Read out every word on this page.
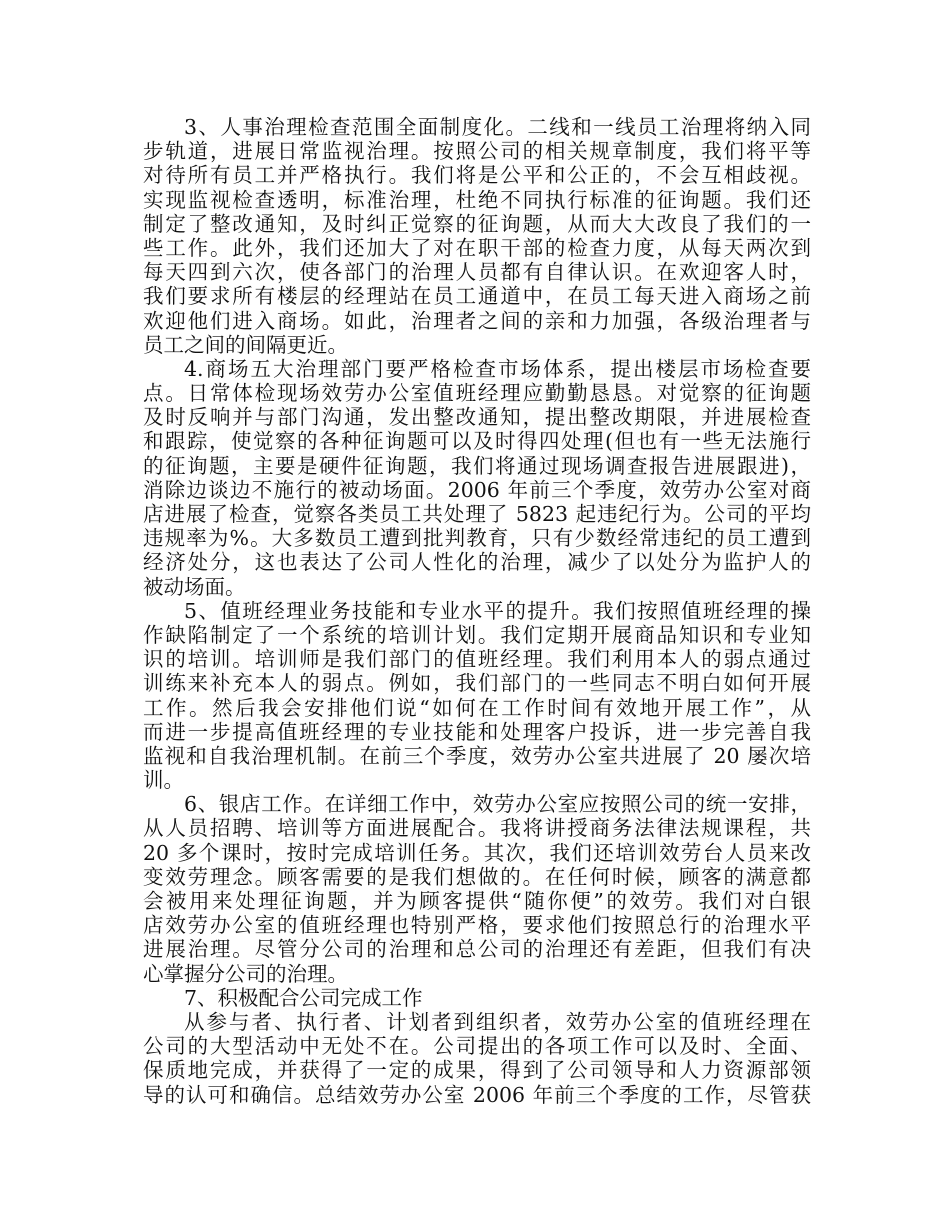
3、人事治理检查范围全面制度化。二线和一线员工治理将纳入同
步轨道，进展日常监视治理。按照公司的相关规章制度，我们将平等
对待所有员工并严格执行。我们将是公平和公正的，不会互相歧视。
实现监视检查透明，标准治理，杜绝不同执行标准的征询题。我们还
制定了整改通知，及时纠正觉察的征询题，从而大大改良了我们的一
些工作。此外，我们还加大了对在职干部的检查力度，从每天两次到
每天四到六次，使各部门的治理人员都有自律认识。在欢迎客人时，
我们要求所有楼层的经理站在员工通道中，在员工每天进入商场之前
欢迎他们进入商场。如此，治理者之间的亲和力加强，各级治理者与
员工之间的间隔更近。
4.商场五大治理部门要严格检查市场体系，提出楼层市场检查要
点。日常体检现场效劳办公室值班经理应勤勤恳恳。对觉察的征询题
及时反响并与部门沟通，发出整改通知，提出整改期限，并进展检查
和跟踪，使觉察的各种征询题可以及时得四处理(但也有一些无法施行
的征询题，主要是硬件征询题，我们将通过现场调查报告进展跟进)，
消除边谈边不施行的被动场面。2006 年前三个季度，效劳办公室对商
店进展了检查，觉察各类员工共处理了 5823 起违纪行为。公司的平均
违规率为%。大多数员工遭到批判教育，只有少数经常违纪的员工遭到
经济处分，这也表达了公司人性化的治理，减少了以处分为监护人的
被动场面。
5、值班经理业务技能和专业水平的提升。我们按照值班经理的操
作缺陷制定了一个系统的培训计划。我们定期开展商品知识和专业知
识的培训。培训师是我们部门的值班经理。我们利用本人的弱点通过
训练来补充本人的弱点。例如，我们部门的一些同志不明白如何开展
工作。然后我会安排他们说“如何在工作时间有效地开展工作”，从
而进一步提高值班经理的专业技能和处理客户投诉，进一步完善自我
监视和自我治理机制。在前三个季度，效劳办公室共进展了 20 屡次培
训。
6、银店工作。在详细工作中，效劳办公室应按照公司的统一安排，
从人员招聘、培训等方面进展配合。我将讲授商务法律法规课程，共
20 多个课时，按时完成培训任务。其次，我们还培训效劳台人员来改
变效劳理念。顾客需要的是我们想做的。在任何时候，顾客的满意都
会被用来处理征询题，并为顾客提供“随你便”的效劳。我们对白银
店效劳办公室的值班经理也特别严格，要求他们按照总行的治理水平
进展治理。尽管分公司的治理和总公司的治理还有差距，但我们有决
心掌握分公司的治理。
7、积极配合公司完成工作
从参与者、执行者、计划者到组织者，效劳办公室的值班经理在
公司的大型活动中无处不在。公司提出的各项工作可以及时、全面、
保质地完成，并获得了一定的成果，得到了公司领导和人力资源部领
导的认可和确信。总结效劳办公室 2006 年前三个季度的工作，尽管获
